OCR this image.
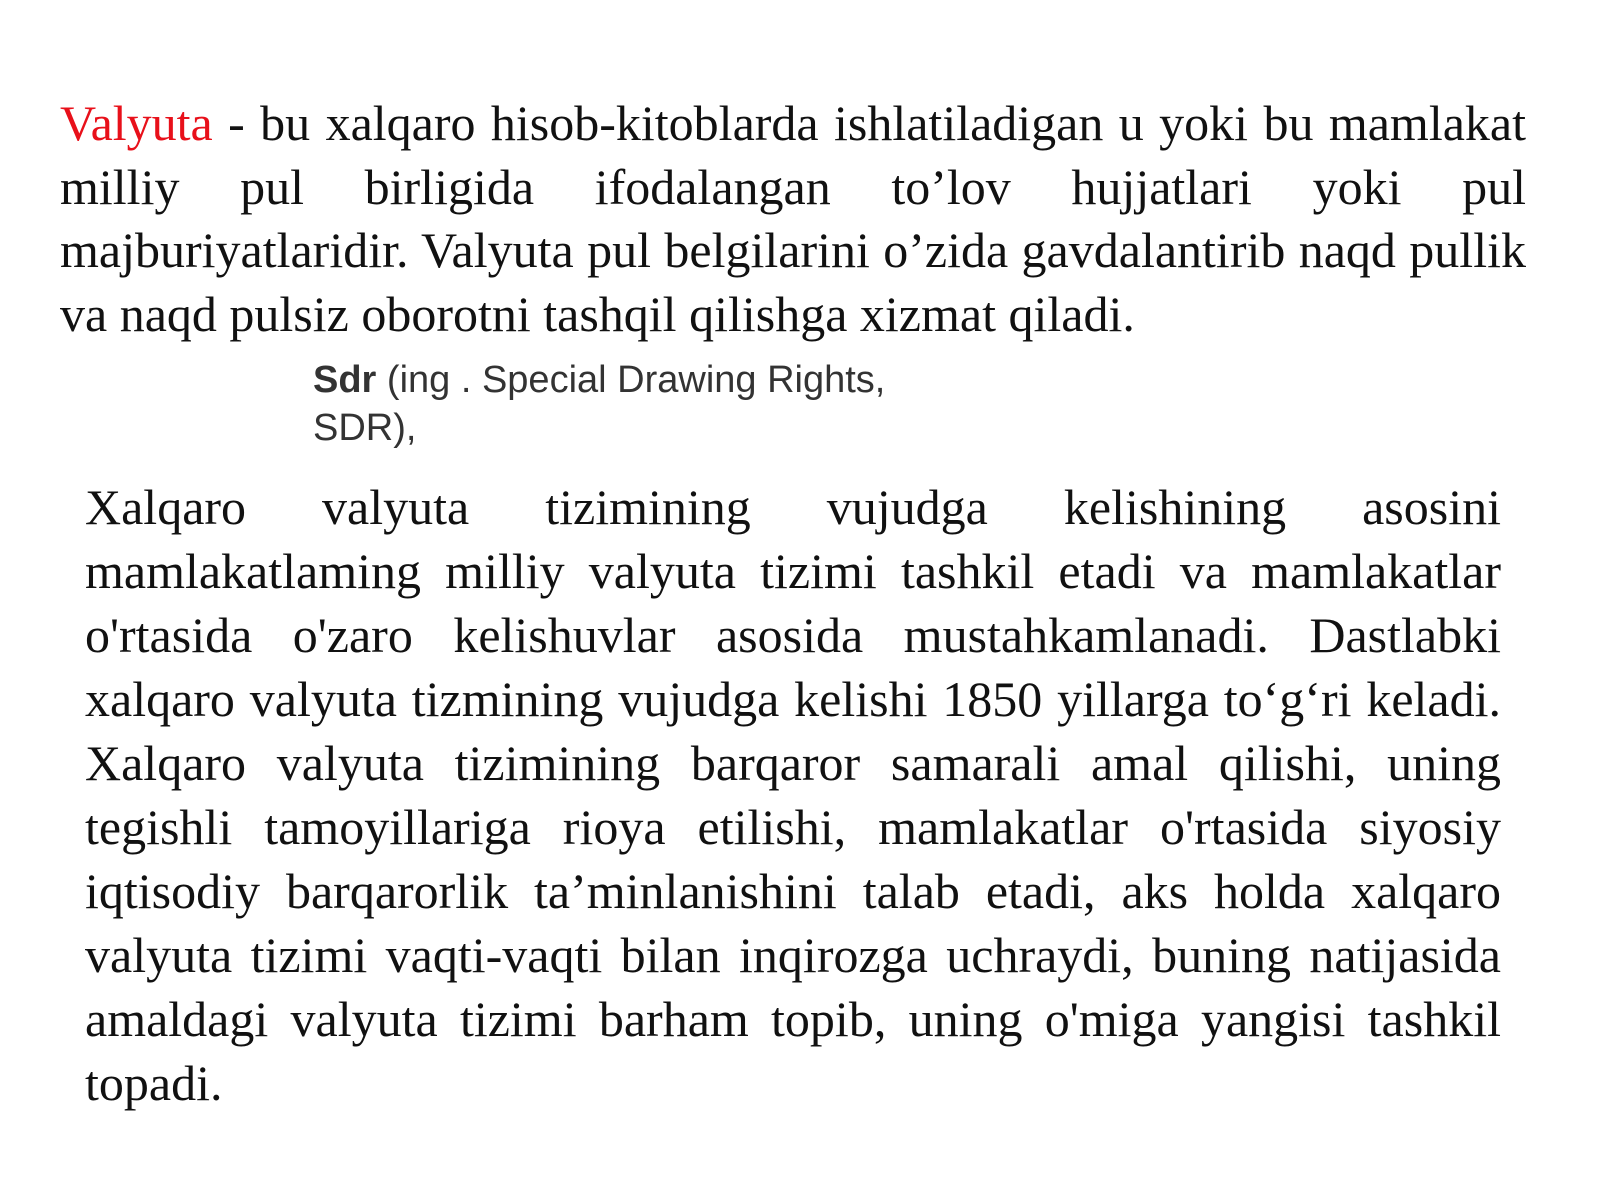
Valyuta - bu xalqaro hisob-kitoblarda ishlatiladigan u yoki bu mamlakat milliy pul birligida ifodalangan to’lov hujjatlari yoki pul majburiyatlaridir. Valyuta pul belgilarini o’zida gavdalantirib naqd pullik va naqd pulsiz oborotni tashqil qilishga xizmat qiladi.

Sdr (ing . Special Drawing Rights, SDR),

Xalqaro valyuta tizimining vujudga kelishining asosini mamlakatlaming milliy valyuta tizimi tashkil etadi va mamlakatlar o'rtasida o'zaro kelishuvlar asosida mustahkamlanadi. Dastlabki xalqaro valyuta tizmining vujudga kelishi 1850 yillarga to‘g‘ri keladi. Xalqaro valyuta tizimining barqaror samarali amal qilishi, uning tegishli tamoyillariga rioya etilishi, mamlakatlar o'rtasida siyosiy iqtisodiy barqarorlik ta’minlanishini talab etadi, aks holda xalqaro valyuta tizimi vaqti-vaqti bilan inqirozga uchraydi, buning natijasida amaldagi valyuta tizimi barham topib, uning o'miga yangisi tashkil topadi.
